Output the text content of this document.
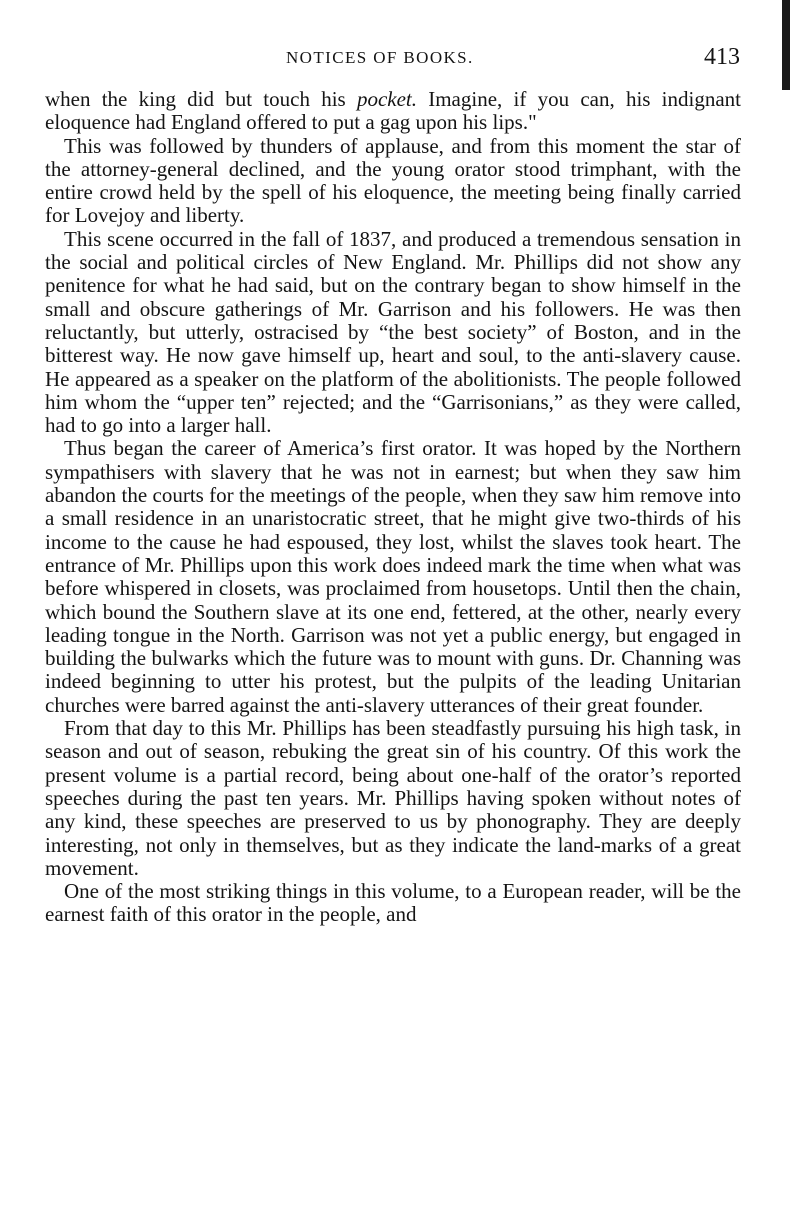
NOTICES OF BOOKS.	413

when the king did but touch his pocket. Imagine, if you can, his indignant eloquence had England offered to put a gag upon his lips."

This was followed by thunders of applause, and from this moment the star of the attorney-general declined, and the young orator stood trimphant, with the entire crowd held by the spell of his eloquence, the meeting being finally carried for Lovejoy and liberty.

This scene occurred in the fall of 1837, and produced a tremendous sensation in the social and political circles of New England. Mr. Phillips did not show any penitence for what he had said, but on the contrary began to show himself in the small and obscure gatherings of Mr. Garrison and his followers. He was then reluctantly, but utterly, ostracised by “the best society” of Boston, and in the bitterest way. He now gave himself up, heart and soul, to the anti-slavery cause. He appeared as a speaker on the platform of the abolitionists. The people followed him whom the “upper ten” rejected; and the “Garrisonians,” as they were called, had to go into a larger hall.

Thus began the career of America’s first orator. It was hoped by the Northern sympathisers with slavery that he was not in earnest; but when they saw him abandon the courts for the meetings of the people, when they saw him remove into a small residence in an unaristocratic street, that he might give two-thirds of his income to the cause he had espoused, they lost, whilst the slaves took heart. The entrance of Mr. Phillips upon this work does indeed mark the time when what was before whispered in closets, was proclaimed from housetops. Until then the chain, which bound the Southern slave at its one end, fettered, at the other, nearly every leading tongue in the North. Garrison was not yet a public energy, but engaged in building the bulwarks which the future was to mount with guns. Dr. Channing was indeed beginning to utter his protest, but the pulpits of the leading Unitarian churches were barred against the anti-slavery utterances of their great founder.

From that day to this Mr. Phillips has been steadfastly pursuing his high task, in season and out of season, rebuking the great sin of his country. Of this work the present volume is a partial record, being about one-half of the orator’s reported speeches during the past ten years. Mr. Phillips having spoken without notes of any kind, these speeches are preserved to us by phonography. They are deeply interesting, not only in themselves, but as they indicate the land-marks of a great movement.

One of the most striking things in this volume, to a European reader, will be the earnest faith of this orator in the people, and
